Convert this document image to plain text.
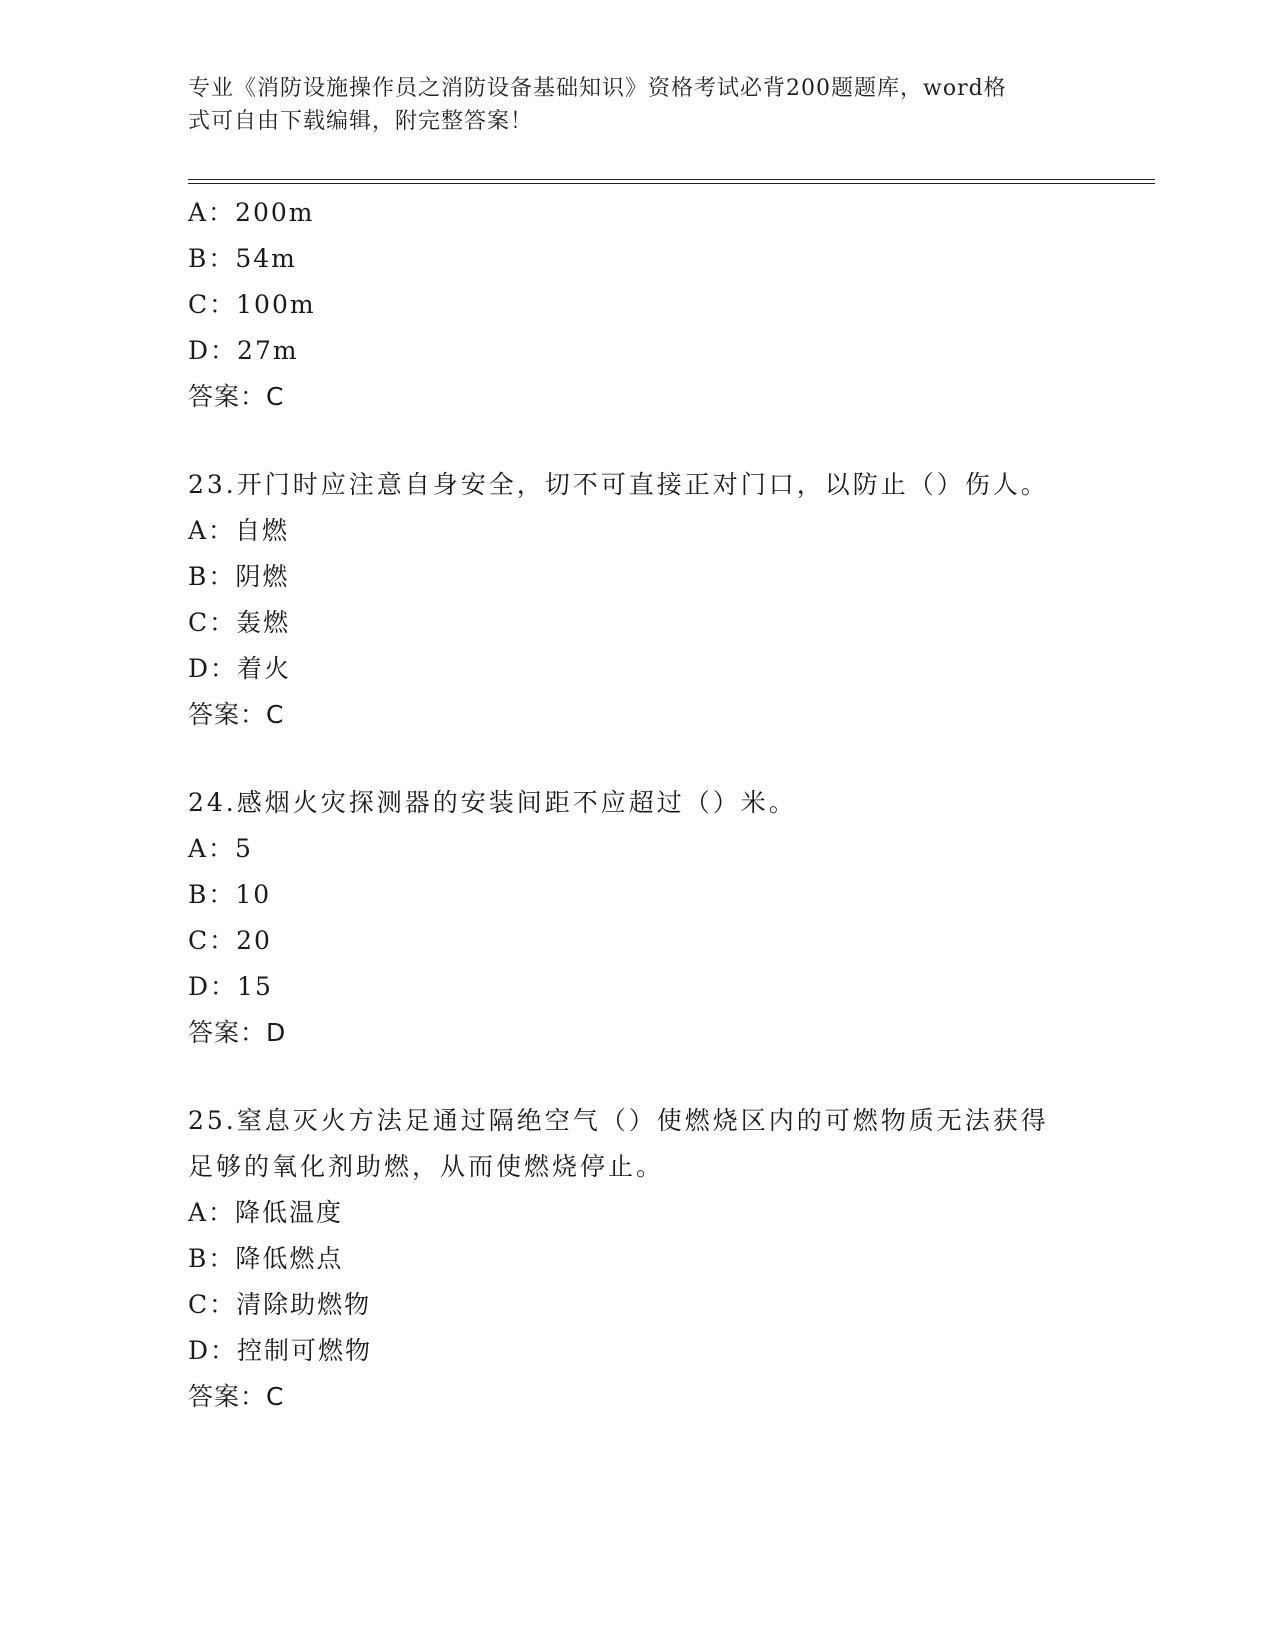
专业《消防设施操作员之消防设备基础知识》资格考试必背200题题库，word格
式可自由下载编辑，附完整答案！
A：200m
B：54m
C：100m
D：27m
答案：C
23.开门时应注意自身安全，切不可直接正对门口，以防止（）伤人。
A：自燃
B：阴燃
C：轰燃
D：着火
答案：C
24.感烟火灾探测器的安装间距不应超过（）米。
A：5
B：10
C：20
D：15
答案：D
25.窒息灭火方法足通过隔绝空气（）使燃烧区内的可燃物质无法获得
足够的氧化剂助燃，从而使燃烧停止。
A：降低温度
B：降低燃点
C：清除助燃物
D：控制可燃物
答案：C
